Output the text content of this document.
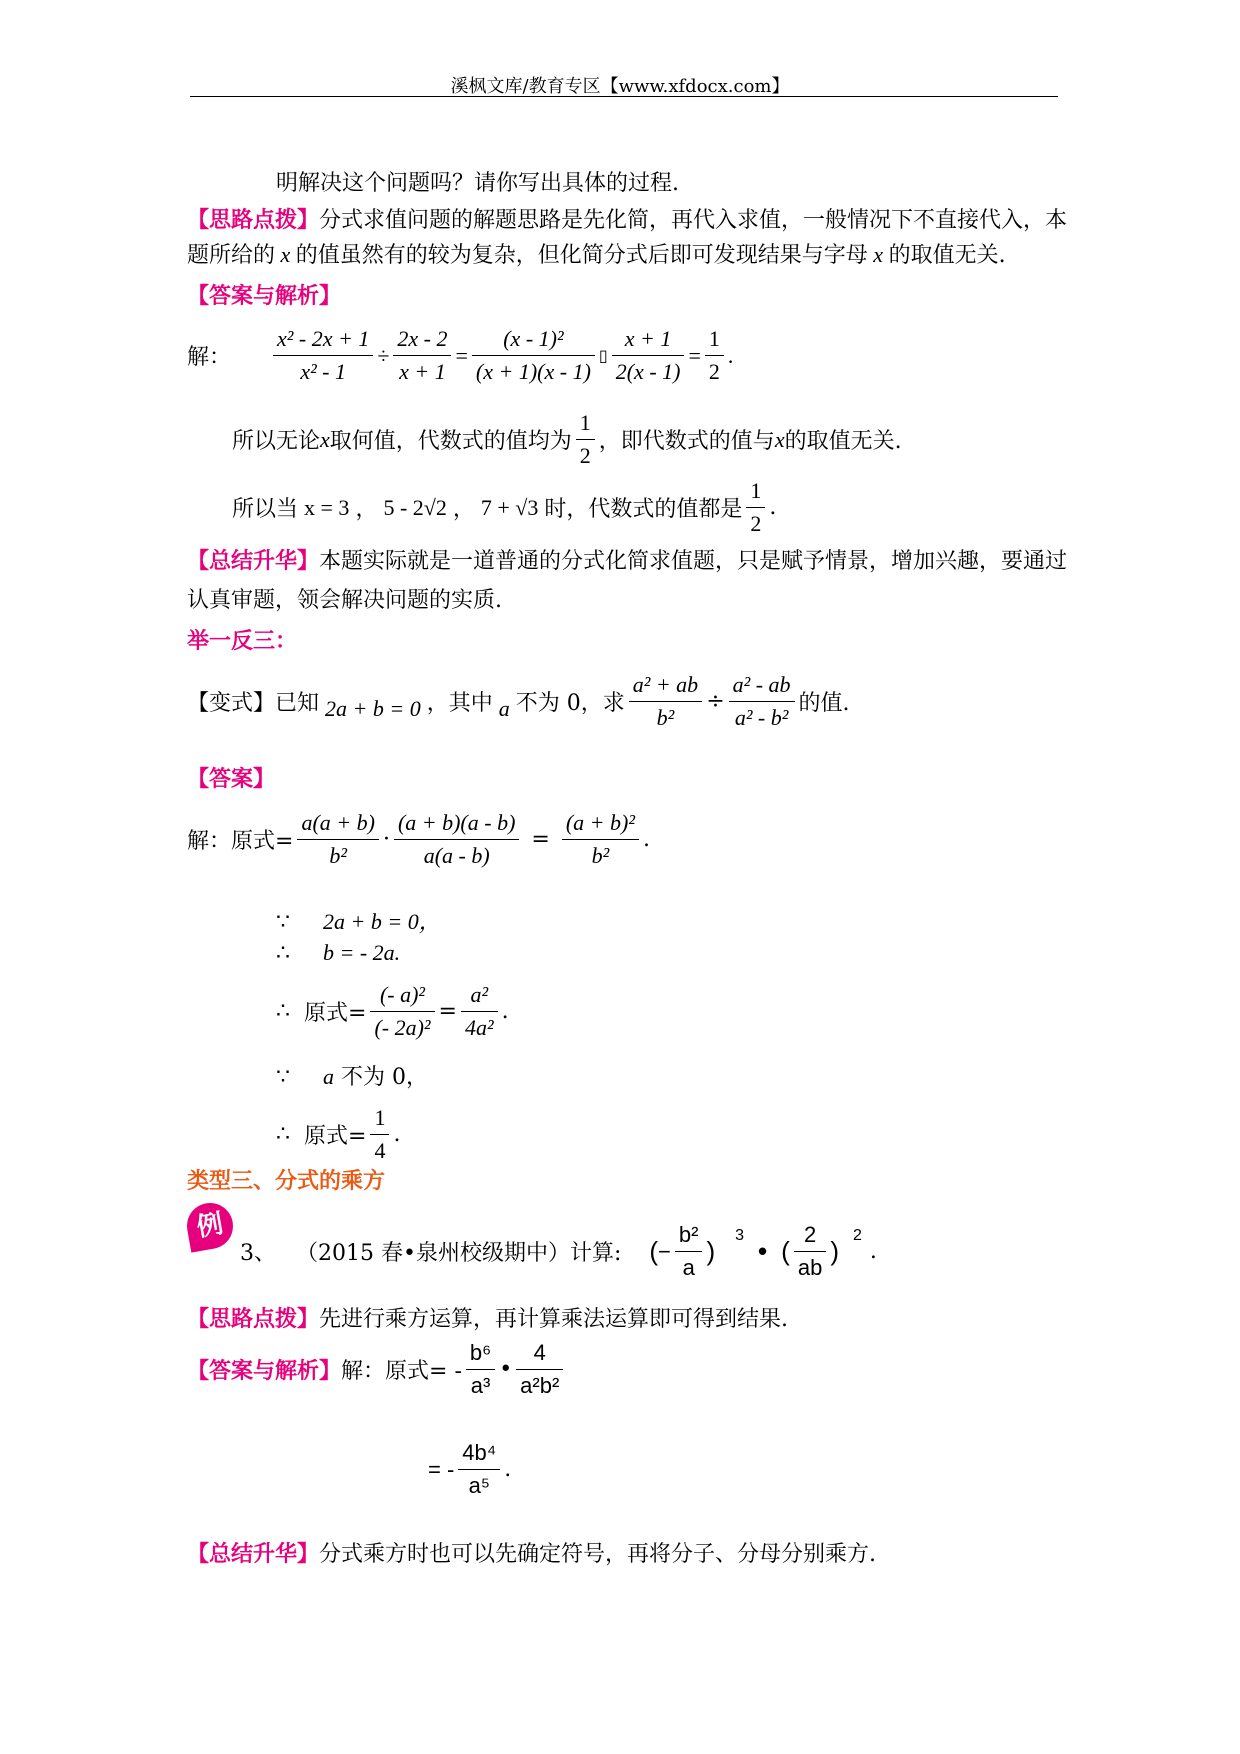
溪枫文库/教育专区【www.xfdocx.com】
明解决这个问题吗？请你写出具体的过程.
【思路点拨】分式求值问题的解题思路是先化简，再代入求值，一般情况下不直接代入，本
题所给的 x 的值虽然有的较为复杂，但化简分式后即可发现结果与字母 x 的取值无关.
【答案与解析】
解： $\frac{\text{x² - 2x + 1}}{\text{x² - 1}} \div \frac{2x - 2}{x + 1} = \frac{\text{(x - 1)²}}{(x + 1)(x - 1)}$ ▯ $\frac{x + 1}{2(x - 1)} = \frac{1}{2}$ .
所以无论 x 取何值，代数式的值均为 $\frac{1}{2}$ ，即代数式的值与 x 的取值无关.
所以当 x = 3 ， 5 - 2√2 ， 7 + √3 时，代数式的值都是 $\frac{1}{2}$ .
【总结升华】本题实际就是一道普通的分式化简求值题，只是赋予情景，增加兴趣，要通过
认真审题，领会解决问题的实质.
举一反三：
【变式】已知 2a + b = 0 ，其中 a 不为 0，求 $\frac{\text{a² + ab}}{\text{b²}} \div \frac{\text{a² - ab}}{\text{a² - b²}}$ 的值.
【答案】
解：原式= $\frac{a(a + b)}{\text{b²}} \cdot \frac{(a + b)(a - b)}{a(a - b)} = \frac{\text{(a + b)²}}{\text{b²}}$ .
∵ 2a + b = 0，
∴ b = - 2a.
∴ 原式= $\frac{\text{(- a)²}}{\text{(- 2a)²}} = \frac{\text{a²}}{\text{4a²}}$ .
∵ a 不为 0，
∴ 原式= $\frac{1}{4}$ .
类型三、分式的乘方
例
3、 （2015 春•泉州校级期中）计算: ( − $\frac{\text{b²}}{a}$ )
3
• ( $\frac{2}{ab}$ )
2
.
【思路点拨】先进行乘方运算，再计算乘法运算即可得到结果.
【答案与解析】 解：原式= - $\frac{\text{b⁶}}{\text{a³}}$ • $\frac{4}{\text{a²b²}}$
= - $\frac{\text{4b⁴}}{\text{a⁵}}$ .
【总结升华】分式乘方时也可以先确定符号，再将分子、分母分别乘方.
